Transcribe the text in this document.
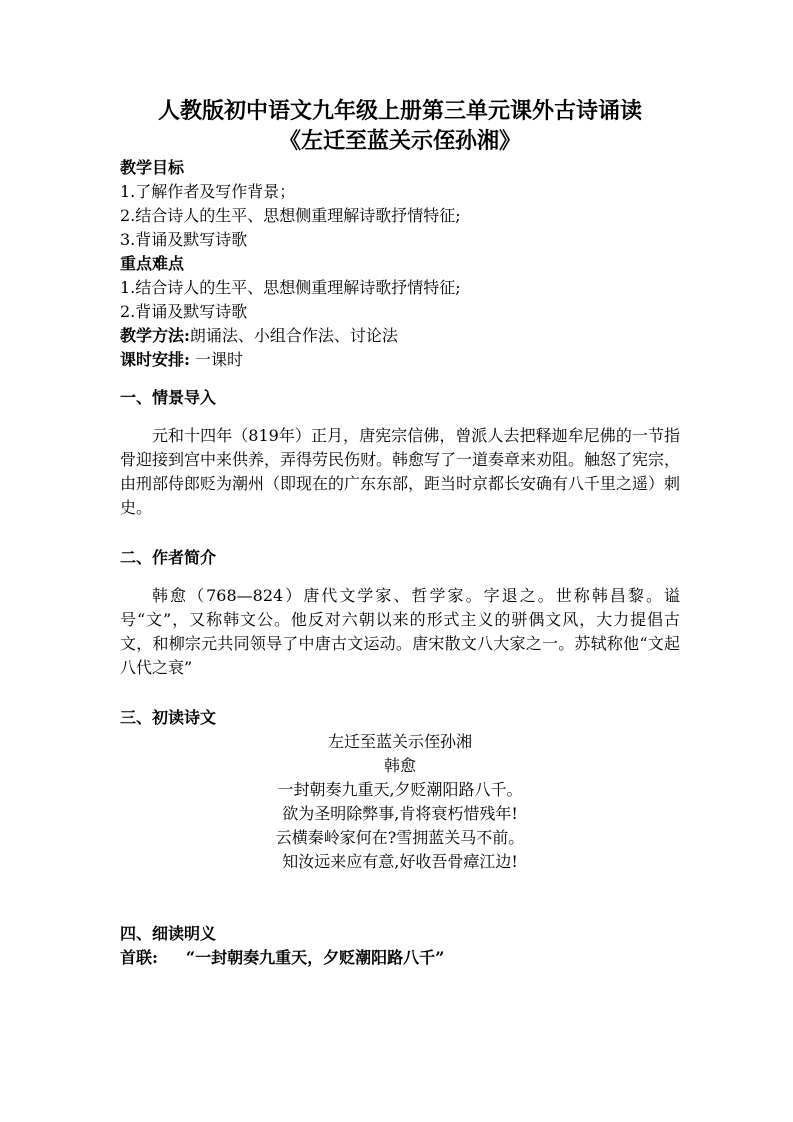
人教版初中语文九年级上册第三单元课外古诗诵读

《左迁至蓝关示侄孙湘》

教学目标

1.了解作者及写作背景；

2.结合诗人的生平、思想侧重理解诗歌抒情特征;

3.背诵及默写诗歌

重点难点

1.结合诗人的生平、思想侧重理解诗歌抒情特征;

2.背诵及默写诗歌

教学方法:朗诵法、小组合作法、讨论法

课时安排: 一课时

一、情景导入

元和十四年（819年）正月，唐宪宗信佛，曾派人去把释迦牟尼佛的一节指骨迎接到宫中来供养，弄得劳民伤财。韩愈写了一道奏章来劝阻。触怒了宪宗，由刑部侍郎贬为潮州（即现在的广东东部，距当时京都长安确有八千里之遥）刺史。

二、作者简介

韩愈（768—824）唐代文学家、哲学家。字退之。世称韩昌黎。谥号“文”，又称韩文公。他反对六朝以来的形式主义的骈偶文风，大力提倡古文，和柳宗元共同领导了中唐古文运动。唐宋散文八大家之一。苏轼称他“文起八代之衰”

三、初读诗文

左迁至蓝关示侄孙湘

韩愈

一封朝奏九重天,夕贬潮阳路八千。

欲为圣明除弊事,肯将衰朽惜残年!

云横秦岭家何在?雪拥蓝关马不前。

知汝远来应有意,好收吾骨瘴江边!

四、细读明义

首联: “一封朝奏九重天，夕贬潮阳路八千”
